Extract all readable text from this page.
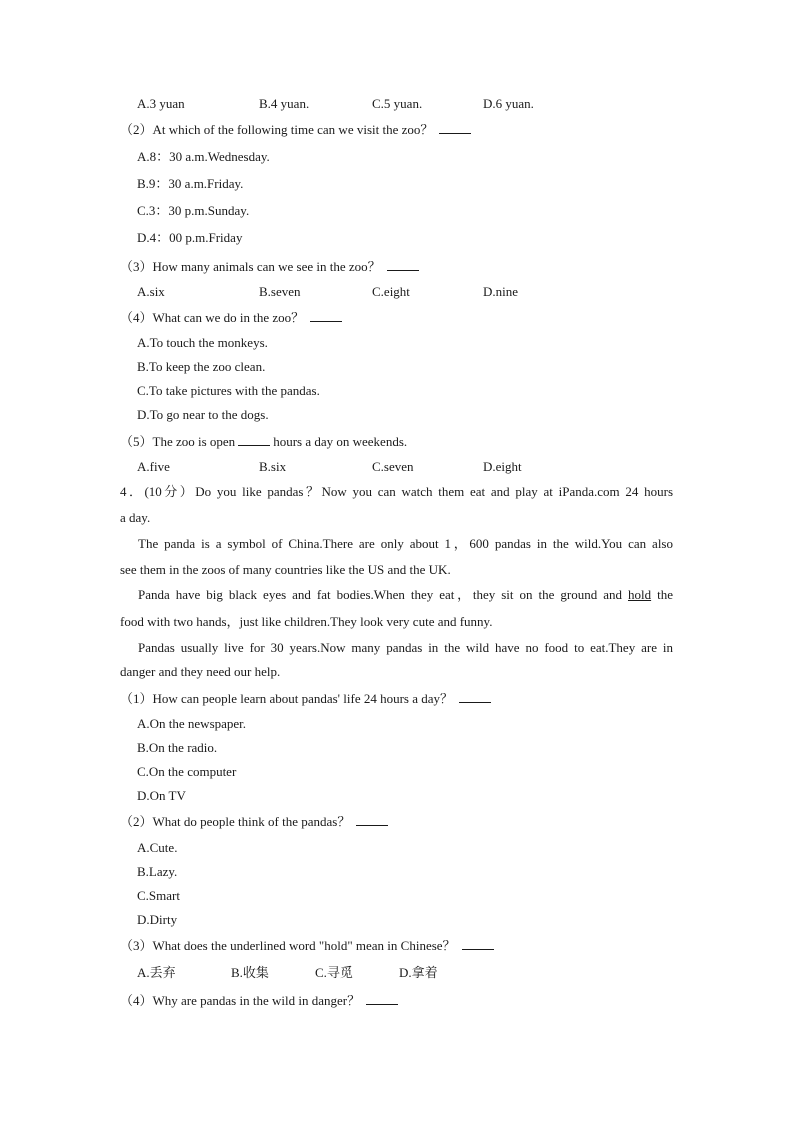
A.3 yuan	B.4 yuan.	C.5 yuan.	D.6 yuan.
（2）At which of the following time can we visit the zoo？
A.8：30 a.m.Wednesday.
B.9：30 a.m.Friday.
C.3：30 p.m.Sunday.
D.4：00 p.m.Friday
（3）How many animals can we see in the zoo？
A.six	B.seven	C.eight	D.nine
（4）What can we do in the zoo？
A.To touch the monkeys.
B.To keep the zoo clean.
C.To take pictures with the pandas.
D.To go near to the dogs.
（5）The zoo is open	hours a day on weekends.
A.five	B.six	C.seven	D.eight
4．(10分）Do you like pandas？Now you can watch them eat and play at iPanda.com 24 hours
a day.
The panda is a symbol of China.There are only about 1，600 pandas in the wild.You can also
see them in the zoos of many countries like the US and the UK.
Panda have big black eyes and fat bodies.When they eat，they sit on the ground and hold the
food with two hands，just like children.They look very cute and funny.
Pandas usually live for 30 years.Now many pandas in the wild have no food to eat.They are in
danger and they need our help.
（1）How can people learn about pandas' life 24 hours a day？
A.On the newspaper.
B.On the radio.
C.On the computer
D.On TV
（2）What do people think of the pandas？
A.Cute.
B.Lazy.
C.Smart
D.Dirty
（3）What does the underlined word "hold" mean in Chinese？
A.丢弃	B.收集	C.寻觅	D.拿着
（4）Why are pandas in the wild in danger？
